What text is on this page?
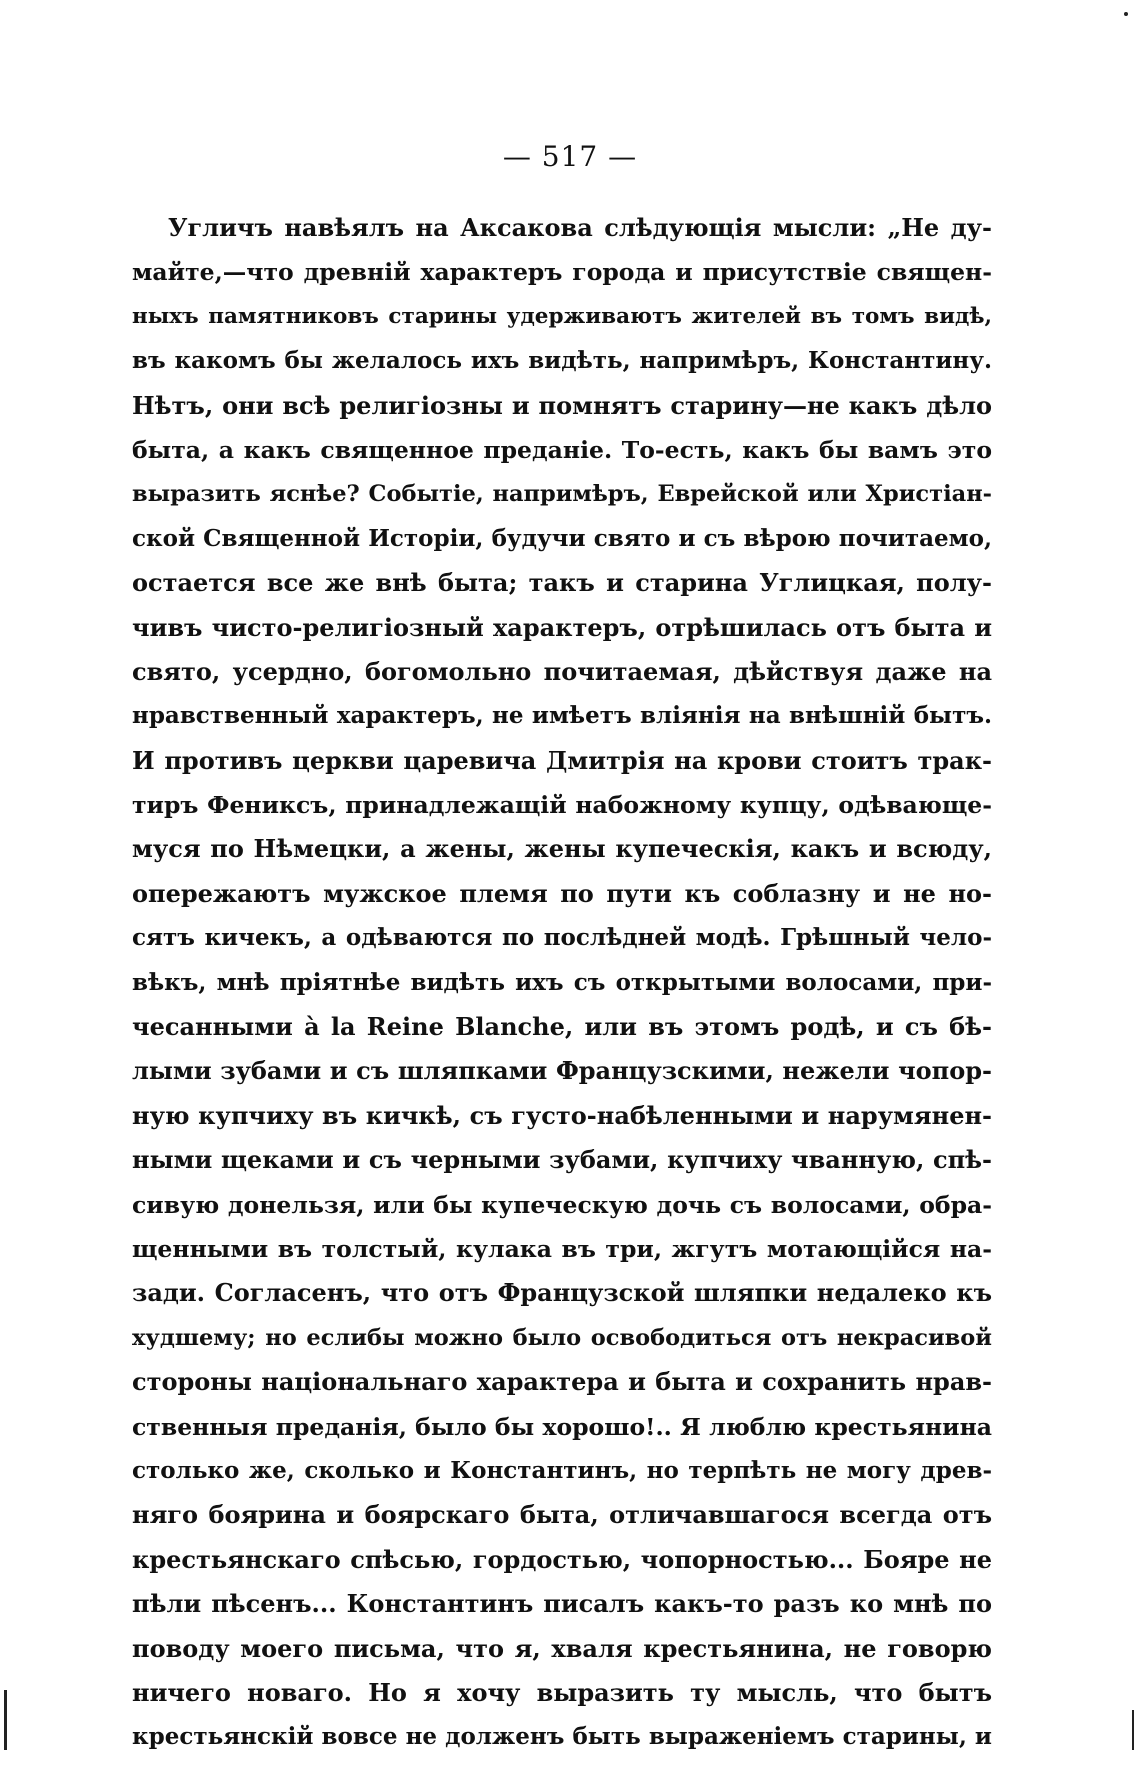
— 517 —
Угличъ навѣялъ на Аксакова слѣдующія мысли: „Не ду-
майте,—что древній характеръ города и присутствіе священ-
ныхъ памятниковъ старины удерживаютъ жителей въ томъ видѣ,
въ какомъ бы желалось ихъ видѣть, напримѣръ, Константину.
Нѣтъ, они всѣ религіозны и помнятъ старину—не какъ дѣло
быта, а какъ священное преданіе. То-есть, какъ бы вамъ это
выразить яснѣе? Событіе, напримѣръ, Еврейской или Христіан-
ской Священной Исторіи, будучи свято и съ вѣрою почитаемо,
остается все же внѣ быта; такъ и старина Углицкая, полу-
чивъ чисто-религіозный характеръ, отрѣшилась отъ быта и
свято, усердно, богомольно почитаемая, дѣйствуя даже на
нравственный характеръ, не имѣетъ вліянія на внѣшній бытъ.
И противъ церкви царевича Дмитрія на крови стоитъ трак-
тиръ Фениксъ, принадлежащій набожному купцу, одѣвающе-
муся по Нѣмецки, а жены, жены купеческія, какъ и всюду,
опережаютъ мужское племя по пути къ соблазну и не но-
сятъ кичекъ, а одѣваются по послѣдней модѣ. Грѣшный чело-
вѣкъ, мнѣ пріятнѣе видѣть ихъ съ открытыми волосами, при-
чесанными à la Reine Blanche, или въ этомъ родѣ, и съ бѣ-
лыми зубами и съ шляпками Французскими, нежели чопор-
ную купчиху въ кичкѣ, съ густо-набѣленными и нарумянен-
ными щеками и съ черными зубами, купчиху чванную, спѣ-
сивую донельзя, или бы купеческую дочь съ волосами, обра-
щенными въ толстый, кулака въ три, жгутъ мотающійся на-
зади. Согласенъ, что отъ Французской шляпки недалеко къ
худшему; но еслибы можно было освободиться отъ некрасивой
стороны національнаго характера и быта и сохранить нрав-
ственныя преданія, было бы хорошо!.. Я люблю крестьянина
столько же, сколько и Константинъ, но терпѣть не могу древ-
няго боярина и боярскаго быта, отличавшагося всегда отъ
крестьянскаго спѣсью, гордостью, чопорностью... Бояре не
пѣли пѣсенъ... Константинъ писалъ какъ-то разъ ко мнѣ по
поводу моего письма, что я, хваля крестьянина, не говорю
ничего новаго. Но я хочу выразить ту мысль, что бытъ
крестьянскій вовсе не долженъ быть выраженіемъ старины, и
